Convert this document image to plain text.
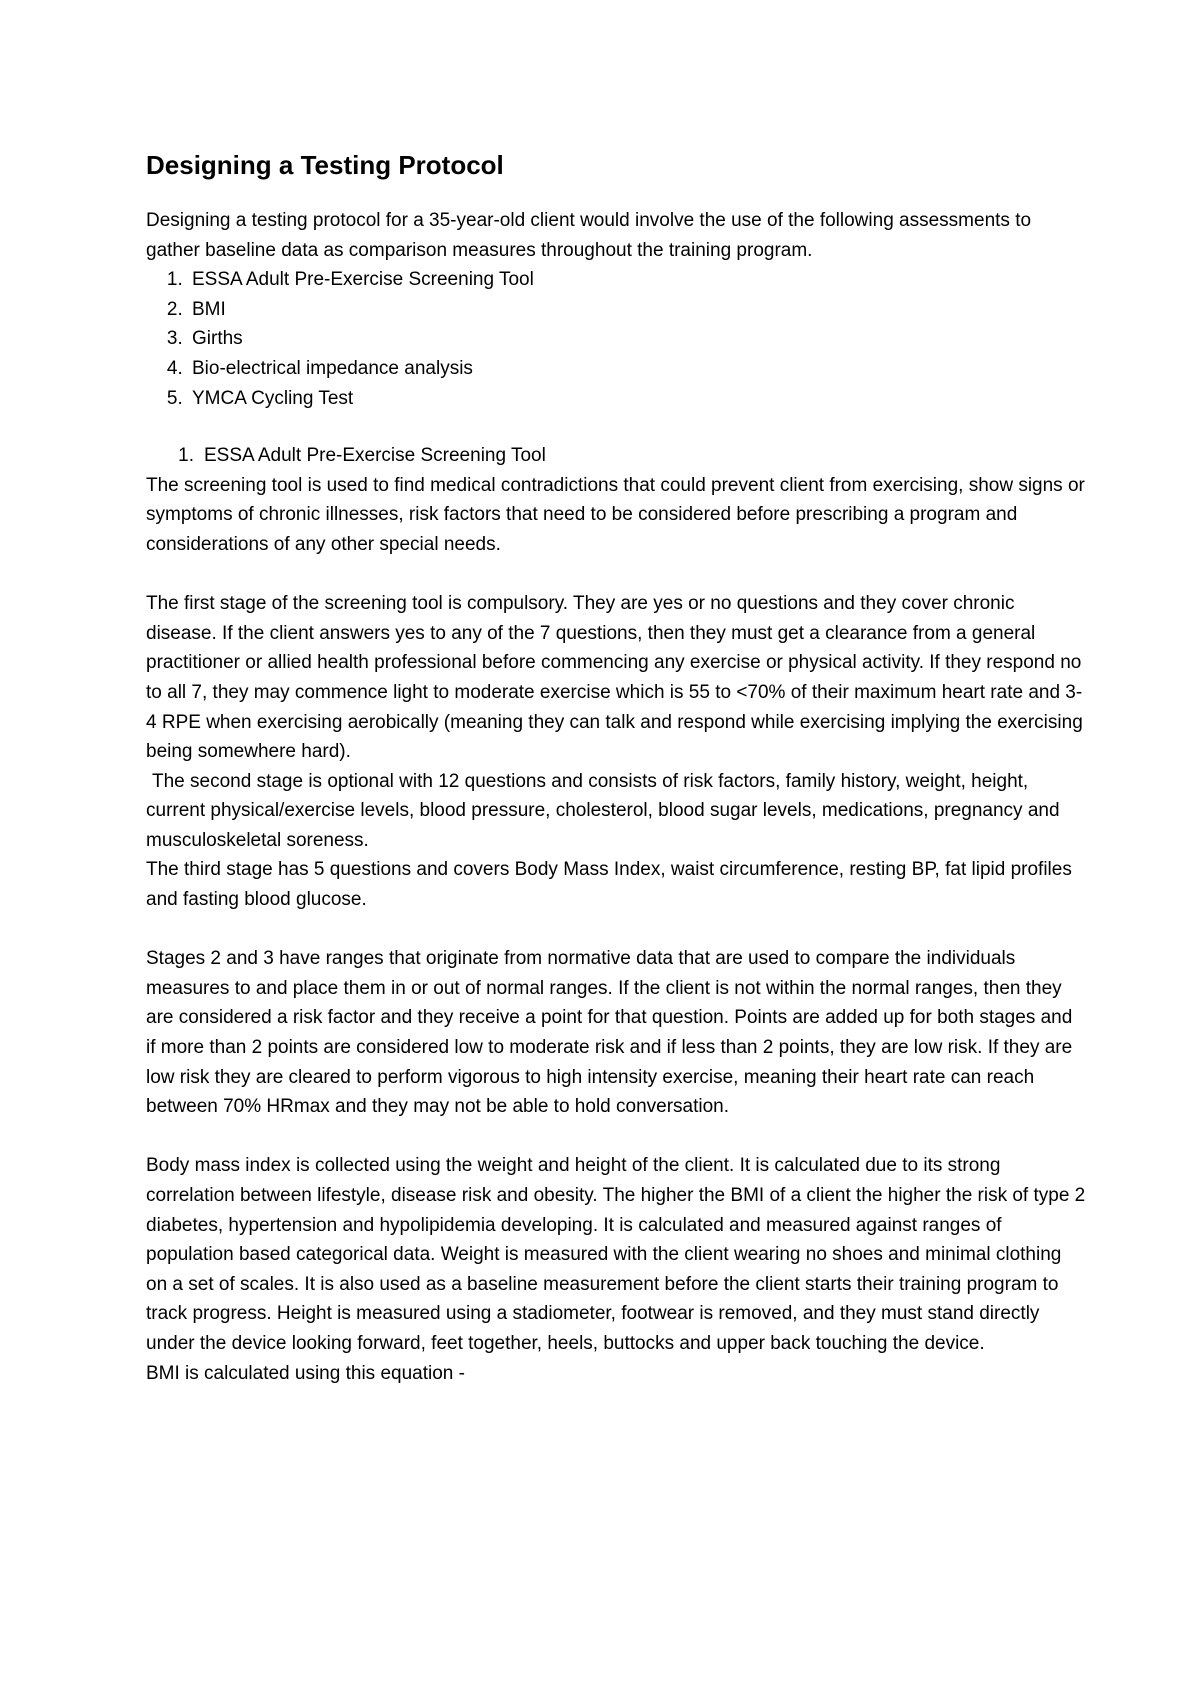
Designing a Testing Protocol

Designing a testing protocol for a 35-year-old client would involve the use of the following assessments to gather baseline data as comparison measures throughout the training program.

1. ESSA Adult Pre-Exercise Screening Tool
2. BMI
3. Girths
4. Bio-electrical impedance analysis
5. YMCA Cycling Test
1. ESSA Adult Pre-Exercise Screening Tool

The screening tool is used to find medical contradictions that could prevent client from exercising, show signs or symptoms of chronic illnesses, risk factors that need to be considered before prescribing a program and considerations of any other special needs.

The first stage of the screening tool is compulsory. They are yes or no questions and they cover chronic disease. If the client answers yes to any of the 7 questions, then they must get a clearance from a general practitioner or allied health professional before commencing any exercise or physical activity. If they respond no to all 7, they may commence light to moderate exercise which is 55 to <70% of their maximum heart rate and 3-4 RPE when exercising aerobically (meaning they can talk and respond while exercising implying the exercising being somewhere hard).

The second stage is optional with 12 questions and consists of risk factors, family history, weight, height, current physical/exercise levels, blood pressure, cholesterol, blood sugar levels, medications, pregnancy and musculoskeletal soreness.

The third stage has 5 questions and covers Body Mass Index, waist circumference, resting BP, fat lipid profiles and fasting blood glucose.

Stages 2 and 3 have ranges that originate from normative data that are used to compare the individuals measures to and place them in or out of normal ranges. If the client is not within the normal ranges, then they are considered a risk factor and they receive a point for that question. Points are added up for both stages and if more than 2 points are considered low to moderate risk and if less than 2 points, they are low risk. If they are low risk they are cleared to perform vigorous to high intensity exercise, meaning their heart rate can reach between 70% HRmax and they may not be able to hold conversation.

Body mass index is collected using the weight and height of the client. It is calculated due to its strong correlation between lifestyle, disease risk and obesity. The higher the BMI of a client the higher the risk of type 2 diabetes, hypertension and hypolipidemia developing. It is calculated and measured against ranges of population based categorical data. Weight is measured with the client wearing no shoes and minimal clothing on a set of scales. It is also used as a baseline measurement before the client starts their training program to track progress. Height is measured using a stadiometer, footwear is removed, and they must stand directly under the device looking forward, feet together, heels, buttocks and upper back touching the device.

BMI is calculated using this equation -
